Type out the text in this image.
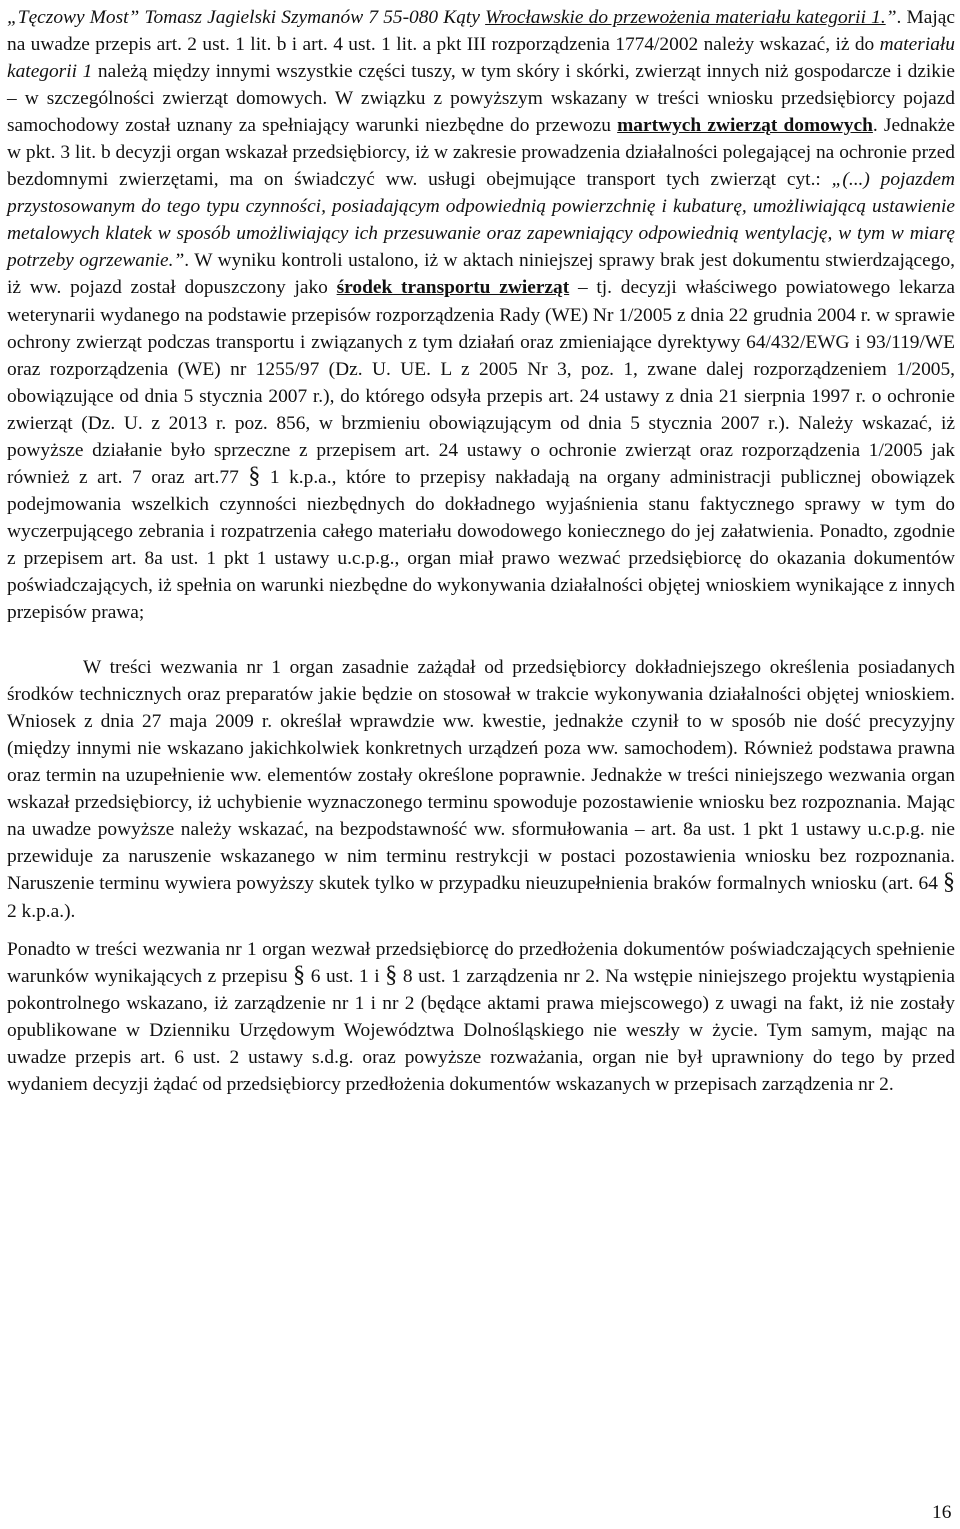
„Tęczowy Most” Tomasz Jagielski Szymanów 7 55-080 Kąty Wrocławskie do przewożenia materiału kategorii 1.”. Mając na uwadze przepis art. 2 ust. 1 lit. b i art. 4 ust. 1 lit. a pkt III rozporządzenia 1774/2002 należy wskazać, iż do materiału kategorii 1 należą między innymi wszystkie części tuszy, w tym skóry i skórki, zwierząt innych niż gospodarcze i dzikie – w szczególności zwierząt domowych. W związku z powyższym wskazany w treści wniosku przedsiębiorcy pojazd samochodowy został uznany za spełniający warunki niezbędne do przewozu martwych zwierząt domowych. Jednakże w pkt. 3 lit. b decyzji organ wskazał przedsiębiorcy, iż w zakresie prowadzenia działalności polegającej na ochronie przed bezdomnymi zwierzętami, ma on świadczyć ww. usługi obejmujące transport tych zwierząt cyt.: „(...) pojazdem przystosowanym do tego typu czynności, posiadającym odpowiednią powierzchnię i kubaturę, umożliwiającą ustawienie metalowych klatek w sposób umożliwiający ich przesuwanie oraz zapewniający odpowiednią wentylację, w tym w miarę potrzeby ogrzewanie.”. W wyniku kontroli ustalono, iż w aktach niniejszej sprawy brak jest dokumentu stwierdzającego, iż ww. pojazd został dopuszczony jako środek transportu zwierząt – tj. decyzji właściwego powiatowego lekarza weterynarii wydanego na podstawie przepisów rozporządzenia Rady (WE) Nr 1/2005 z dnia 22 grudnia 2004 r. w sprawie ochrony zwierząt podczas transportu i związanych z tym działań oraz zmieniające dyrektywy 64/432/EWG i 93/119/WE oraz rozporządzenia (WE) nr 1255/97 (Dz. U. UE. L z 2005 Nr 3, poz. 1, zwane dalej rozporządzeniem 1/2005, obowiązujące od dnia 5 stycznia 2007 r.), do którego odsyła przepis art. 24 ustawy z dnia 21 sierpnia 1997 r. o ochronie zwierząt (Dz. U. z 2013 r. poz. 856, w brzmieniu obowiązującym od dnia 5 stycznia 2007 r.). Należy wskazać, iż powyższe działanie było sprzeczne z przepisem art. 24 ustawy o ochronie zwierząt oraz rozporządzenia 1/2005 jak również z art. 7 oraz art.77 § 1 k.p.a., które to przepisy nakładają na organy administracji publicznej obowiązek podejmowania wszelkich czynności niezbędnych do dokładnego wyjaśnienia stanu faktycznego sprawy w tym do wyczerpującego zebrania i rozpatrzenia całego materiału dowodowego koniecznego do jej załatwienia. Ponadto, zgodnie z przepisem art. 8a ust. 1 pkt 1 ustawy u.c.p.g., organ miał prawo wezwać przedsiębiorcę do okazania dokumentów poświadczających, iż spełnia on warunki niezbędne do wykonywania działalności objętej wnioskiem wynikające z innych przepisów prawa;

W treści wezwania nr 1 organ zasadnie zażądał od przedsiębiorcy dokładniejszego określenia posiadanych środków technicznych oraz preparatów jakie będzie on stosował w trakcie wykonywania działalności objętej wnioskiem. Wniosek z dnia 27 maja 2009 r. określał wprawdzie ww. kwestie, jednakże czynił to w sposób nie dość precyzyjny (między innymi nie wskazano jakichkolwiek konkretnych urządzeń poza ww. samochodem). Również podstawa prawna oraz termin na uzupełnienie ww. elementów zostały określone poprawnie. Jednakże w treści niniejszego wezwania organ wskazał przedsiębiorcy, iż uchybienie wyznaczonego terminu spowoduje pozostawienie wniosku bez rozpoznania. Mając na uwadze powyższe należy wskazać, na bezpodstawność ww. sformułowania – art. 8a ust. 1 pkt 1 ustawy u.c.p.g. nie przewiduje za naruszenie wskazanego w nim terminu restrykcji w postaci pozostawienia wniosku bez rozpoznania. Naruszenie terminu wywiera powyższy skutek tylko w przypadku nieuzupełnienia braków formalnych wniosku (art. 64 § 2 k.p.a.).

Ponadto w treści wezwania nr 1 organ wezwał przedsiębiorcę do przedłożenia dokumentów poświadczających spełnienie warunków wynikających z przepisu § 6 ust. 1 i § 8 ust. 1 zarządzenia nr 2. Na wstępie niniejszego projektu wystąpienia pokontrolnego wskazano, iż zarządzenie nr 1 i nr 2 (będące aktami prawa miejscowego) z uwagi na fakt, iż nie zostały opublikowane w Dzienniku Urzędowym Województwa Dolnośląskiego nie weszły w życie. Tym samym, mając na uwadze przepis art. 6 ust. 2 ustawy s.d.g. oraz powyższe rozważania, organ nie był uprawniony do tego by przed wydaniem decyzji żądać od przedsiębiorcy przedłożenia dokumentów wskazanych w przepisach zarządzenia nr 2.

16
